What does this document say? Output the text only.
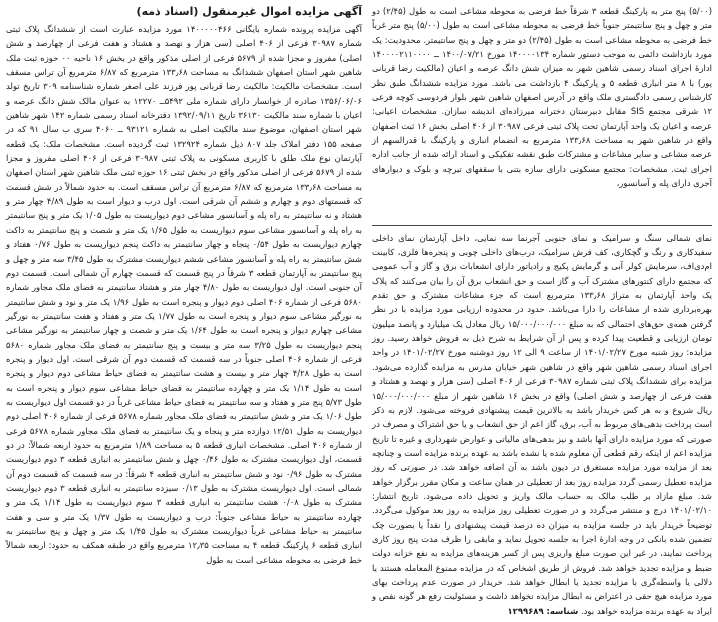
آگهی مزایده اموال غیرمنقول (اسناد ذمه)

آگهی مزایده پرونده شماره بایگانی ۱۴۰۰۰۰۰۴۶۶ مورد مزایده عبارت است از ششدانگ پلاک ثبتی شماره ۳۰۹۸۷ فرعی از ۴۰۶ اصلی (سی هزار و نهصد و هشتاد و هفت فرعی از چهارصد و شش اصلی) مفروز و مجزا شده از ۵۶۷۹ فرعی از اصلی مذکور واقع در بخش ۱۶ ناحیه ۰۰ حوزه ثبت ملک شاهین شهر استان اصفهان ششدانگ به مساحت ۱۳۳٫۶۸ مترمربع که ۶/۸۷ مترمربع آن تراس مسقف است. مشخصات مالکیت: مالکیت رضا قربانی پور فرزند علی اصغر شماره شناسنامه ۳۰۹ تاریخ تولد ۱۳۵۶/۰۶/۰۶ صادره از خوانسار دارای شماره ملی ۵۴۹۲ــ ۱۲۲۷۰ به عنوان مالک شش دانگ عرصه و اعیان با شماره سند مالکیت ۳۶۱۳۰ تاریخ ۱۳۹۲/۰۹/۱۱ دفترخانه اسناد رسمی شماره ۱۴۲ شهر شاهین شهر استان اصفهان، موضوع سند مالکیت اصلی به شماره ۹۳۱۲۱ ــ ۴۰۶۰ سری ب سال ۹۱ که در صفحه ۱۵۵ دفتر املاک جلد ۸۰۷ ذیل شماره ۱۳۲۹۲۴ ثبت گردیده است. مشخصات ملک: یک قطعه آپارتمان نوع ملک طلق با کاربری مسکونی به پلاک ثبتی ۳۰۹۸۷ فرعی از ۴۰۶ اصلی مفروز و مجزا شده از ۵۶۷۹ فرعی از اصلی مذکور واقع در بخش ثبتی ۱۶ حوزه ثبتی ملک شاهین شهر استان اصفهان به مساحت ۱۳۳٫۶۸ مترمربع که ۶/۸۷ مترمربع آن تراس مسقف است. به حدود شمالاً در شش قسمت که قسمتهای دوم و چهارم و ششم آن شرقی است. اول درب و دیوار است به طول ۴/۸۹ چهار متر و هشتاد و نه سانتیمتر به راه پله و آسانسور مشاعی دوم دیواریست به طول ۱/۰۵ یک متر و پنج سانتیمتر به راه پله و آسانسور مشاعی سوم دیواریست به طول ۱/۶۵ یک متر و شصت و پنج سانتیمتر به داکت چهارم دیواریست به طول ۰/۵۴ پنجاه و چهار سانتیمتر به داکت پنجم دیواریست به طول ۰/۷۶ هفتاد و شش سانتیمتر به راه پله و آسانسور مشاعی ششم دیواریست مشترک به طول ۳/۴۵ سه متر و چهل و پنج سانتیمتر به آپارتمان قطعه ۳ شرقاً در پنج قسمت که قسمت چهارم آن شمالی است. قسمت دوم آن جنوبی است. اول دیواریست به طول ۴/۸۰ چهار متر و هشتاد سانتیمتر به فضای ملک مجاور شماره ۵۶۸۰ فرعی از شماره ۴۰۶ اصلی دوم دیوار و پنجره است به طول ۱/۹۶ یک متر و نود و شش سانتیمتر به نورگیر مشاعی سوم دیوار و پنجره است به طول ۱/۷۷ یک متر و هفتاد و هفت سانتیمتر به نورگیر مشاعی چهارم دیوار و پنجره است به طول ۱/۶۴ یک متر و شصت و چهار سانتیمتر به نورگیر مشاعی پنجم دیواریست به طول ۳/۲۵ سه متر و بیست و پنج سانتیمتر به فضای ملک مجاور شماره ۵۶۸۰ فرعی از شماره ۴۰۶ اصلی جنوباً در سه قسمت که قسمت دوم آن شرقی است. اول دیوار و پنجره است به طول ۴/۲۸ چهار متر و بیست و هشت سانتیمتر به فضای حیاط مشاعی دوم دیوار و پنجره است به طول ۱/۱۴ یک متر و چهارده سانتیمتر به فضای حیاط مشاعی سوم دیوار و پنجره است به طول ۵/۷۳ پنج متر و هفتاد و سه سانتیمتر به فضای حیاط مشاعی غرباً در دو قسمت اول دیواریست به طول ۱/۰۶ یک متر و شش سانتیمتر به فضای ملک مجاور شماره ۵۶۷۸ فرعی از شماره ۴۰۶ اصلی دوم دیواریست به طول ۱۲/۵۱ دوازده متر و پنجاه و یک سانتیمتر به فضای ملک مجاور شماره ۵۶۷۸ فرعی از شماره ۴۰۶ اصلی. مشخصات انباری قطعه ۵ به مساحت ۱/۸۹ مترمربع به حدود اربعه شمالاً: در دو قسمت، اول دیواریست مشترک به طول ۰/۴۶ چهل و شش سانتیمتر به انباری قطعه ۳ دوم دیواریست مشترک به طول ۰/۹۶ نود و شش سانتیمتر به انباری قطعه ۴ شرقاً: در سه قسمت که قسمت دوم آن شمالی است. اول دیواریست مشترک به طول ۰/۱۳ سیزده سانتیمتر به انباری قطعه ۳ دوم دیواریست مشترک به طول ۰/۰۸ هشت سانتیمتر به انباری قطعه ۳ سوم دیواریست به طول ۱/۱۴ یک متر و چهارده سانتیمتر به حیاط مشاعی جنوباً: درب و دیواریست به طول ۱/۳۷ یک متر و سی و هفت سانتیمتر به حیاط مشاعی غرباً دیواریست مشترک به طول ۱/۴۵ یک متر و چهل و پنج سانتیمتر به انباری قطعه ۶ پارکینگ قطعه ۴ به مساحت ۱۲٫۳۵ مترمربع واقع در طبقه همکف به حدود: اربعه شمالاً خط فرضی به محوطه مشاعی است به طول

(۵/۰۰) پنج متر به پارکینگ قطعه ۳ شرقاً خط فرضی به محوطه مشاعی است به طول (۲/۴۵) دو متر و چهل و پنج سانتیمتر جنوباً خط فرضی به محوطه مشاعی است به طول (۵/۰۰) پنج متر غرباً خط فرضی به محوطه مشاعی است به طول (۲/۴۵) دو متر و چهل و پنج سانتیمتر. محدودیت: یک مورد بازداشت دائمی به موجب دستور شماره ۱۴۰۰۰۰۱۳۴ مورخ ۱۴۰۰/۰۷/۲۱ ــ ۱۴۰۰۰۰۲۱۱۰۰۰۰ ادارهٔ اجرای اسناد رسمی شاهین شهر به میزان شش دانگ عرصه و اعیان (مالکیت رضا قربانی پور) با ۸ متر انباری قطعه ۵ و پارکینگ ۴ بازداشت می باشد. مورد مزایده ششدانگ طبق نظر کارشناس رسمی دادگستری ملک واقع در آدرس اصفهان شاهین شهر بلوار فردوسی کوچه فرعی ۱۲ شرقی مجتمع SIS مقابل دبیرستان دخترانه میرزاده‌ای اندیشه سازان. مشخصات اعیانی: عرصه و اعیان یک واحد آپارتمان تحت پلاک ثبتی فرعی ۳۰۹۸۷ از ۴۰۶ اصلی بخش ۱۶ ثبت اصفهان واقع در شاهین شهر به مساحت ۱۳۳٫۶۸ مترمربع به انضمام انباری و پارکینگ با قدرالسهم از عرصه مشاعی و سایر مشاعات و مشترکات طبق نقشه تفکیکی و اسناد ارائه شده از جانب اداره اجرای ثبت. مشخصات: مجتمع مسکونی دارای سازه بتنی با سقفهای تیرچه و بلوک و دیوارهای آجری دارای پله و آسانسور،

نمای شمالی سنگ و سرامیک و نمای جنوبی آجرنما سه نمایی، داخل آپارتمان نمای داخلی سفیدکاری و رنگ و گچکاری، کف فرش سرامیک، درب‌های داخلی چوبی و پنجره‌ها فلزی، کابینت ام‌دی‌اف، سرمایش کولر آبی و گرمایش پکیج و رادیاتور دارای انشعابات برق و گاز و آب عمومی که مجتمع دارای کنتورهای مشترک آب و گاز است و حق انشعاب برق آن را بیان می‌کنند که پلاک یک واحد آپارتمان به متراژ ۱۳۳٫۶۸ مترمربع است که جزء مشاعات مشترک و حق تقدم بهره‌برداری شده از مشاعات را دارا می‌باشد. حدود در محدوده ارزیابی مورد مزایده با در نظر گرفتن همه‌ی حق‌های احتمالی که به مبلغ ۱۵/۰۰۰/۰۰۰/۰۰۰ ریال معادل یک میلیارد و پانصد میلیون تومان ارزیابی و قطعیت پیدا کرده و پس از آن شرایط به شرح ذیل به فروش خواهد رسید. روز مزایده: روز شنبه مورخ ۱۴۰۱/۰۲/۲۷ از ساعت ۹ الی ۱۲ روز دوشنبه مورخ ۱۴۰۱/۰۲/۲۷ در واحد اجرای اسناد رسمی شاهین شهر واقع در شاهین شهر خیابان مدرس به مزایده گذارده می‌شود. مزایده برای ششدانگ پلاک ثبتی شماره ۳۰۹۸۷ فرعی از ۴۰۶ اصلی (سی هزار و نهصد و هشتاد و هفت فرعی از چهارصد و شش اصلی) واقع در بخش ۱۶ شاهین شهر از مبلغ ۱۵/۰۰۰/۰۰۰/۰۰۰ ریال شروع و به هر کس خریدار باشد به بالاترین قیمت پیشنهادی فروخته می‌شود. لازم به ذکر است پرداخت بدهی‌های مربوط به آب، برق، گاز اعم از حق انشعاب و یا حق اشتراک و مصرف در صورتی که مورد مزایده دارای آنها باشد و نیز بدهی‌های مالیاتی و عوارض شهرداری و غیره تا تاریخ مزایده اعم از اینکه رقم قطعی آن معلوم شده یا نشده باشد به عهده برنده مزایده است و چنانچه بعد از مزایده مورد مزایده مستغرق در دیون باشد به آن اضافه خواهد شد. در صورتی که روز مزایده تعطیل رسمی گردد مزایده روز بعد از تعطیلی در همان ساعت و مکان مقرر برگزار خواهد شد. مبلغ مازاد بر طلب مالک به حساب مالک واریز و تحویل داده می‌شود. تاریخ انتشار: ۱۴۰۱/۰۲/۱۰ درج و منتشر می‌گردد و در صورت تعطیلی روز مزایده به روز بعد موکول می‌گردد. توضیحاً خریدار باید در جلسه مزایده به میزان ده درصد قیمت پیشنهادی را نقداً یا بصورت چک تضمین شده بانکی در وجه ادارهٔ اجرا به جلسه تحویل نماید و مابقی را ظرف مدت پنج روز کاری پرداخت نمایند، در غیر این صورت مبلغ واریزی پس از کسر هزینه‌های مزایده به نفع خزانه دولت ضبط و مزایده تجدید خواهد شد. فروش از طریق اشخاص که در مزایده ممنوع المعامله هستند یا دلالی یا واسطه‌گری با مزایده تجدید یا ابطال خواهد شد. خریدار در صورت عدم پرداخت بهای مورد مزایده هیچ حقی در اعتراض به ابطال مزایده نخواهد داشت و مسئولیت رفع هر گونه نقص و ایراد به عهده برنده مزایده خواهد بود. شناسه: ۱۲۹۹۶۸۹
